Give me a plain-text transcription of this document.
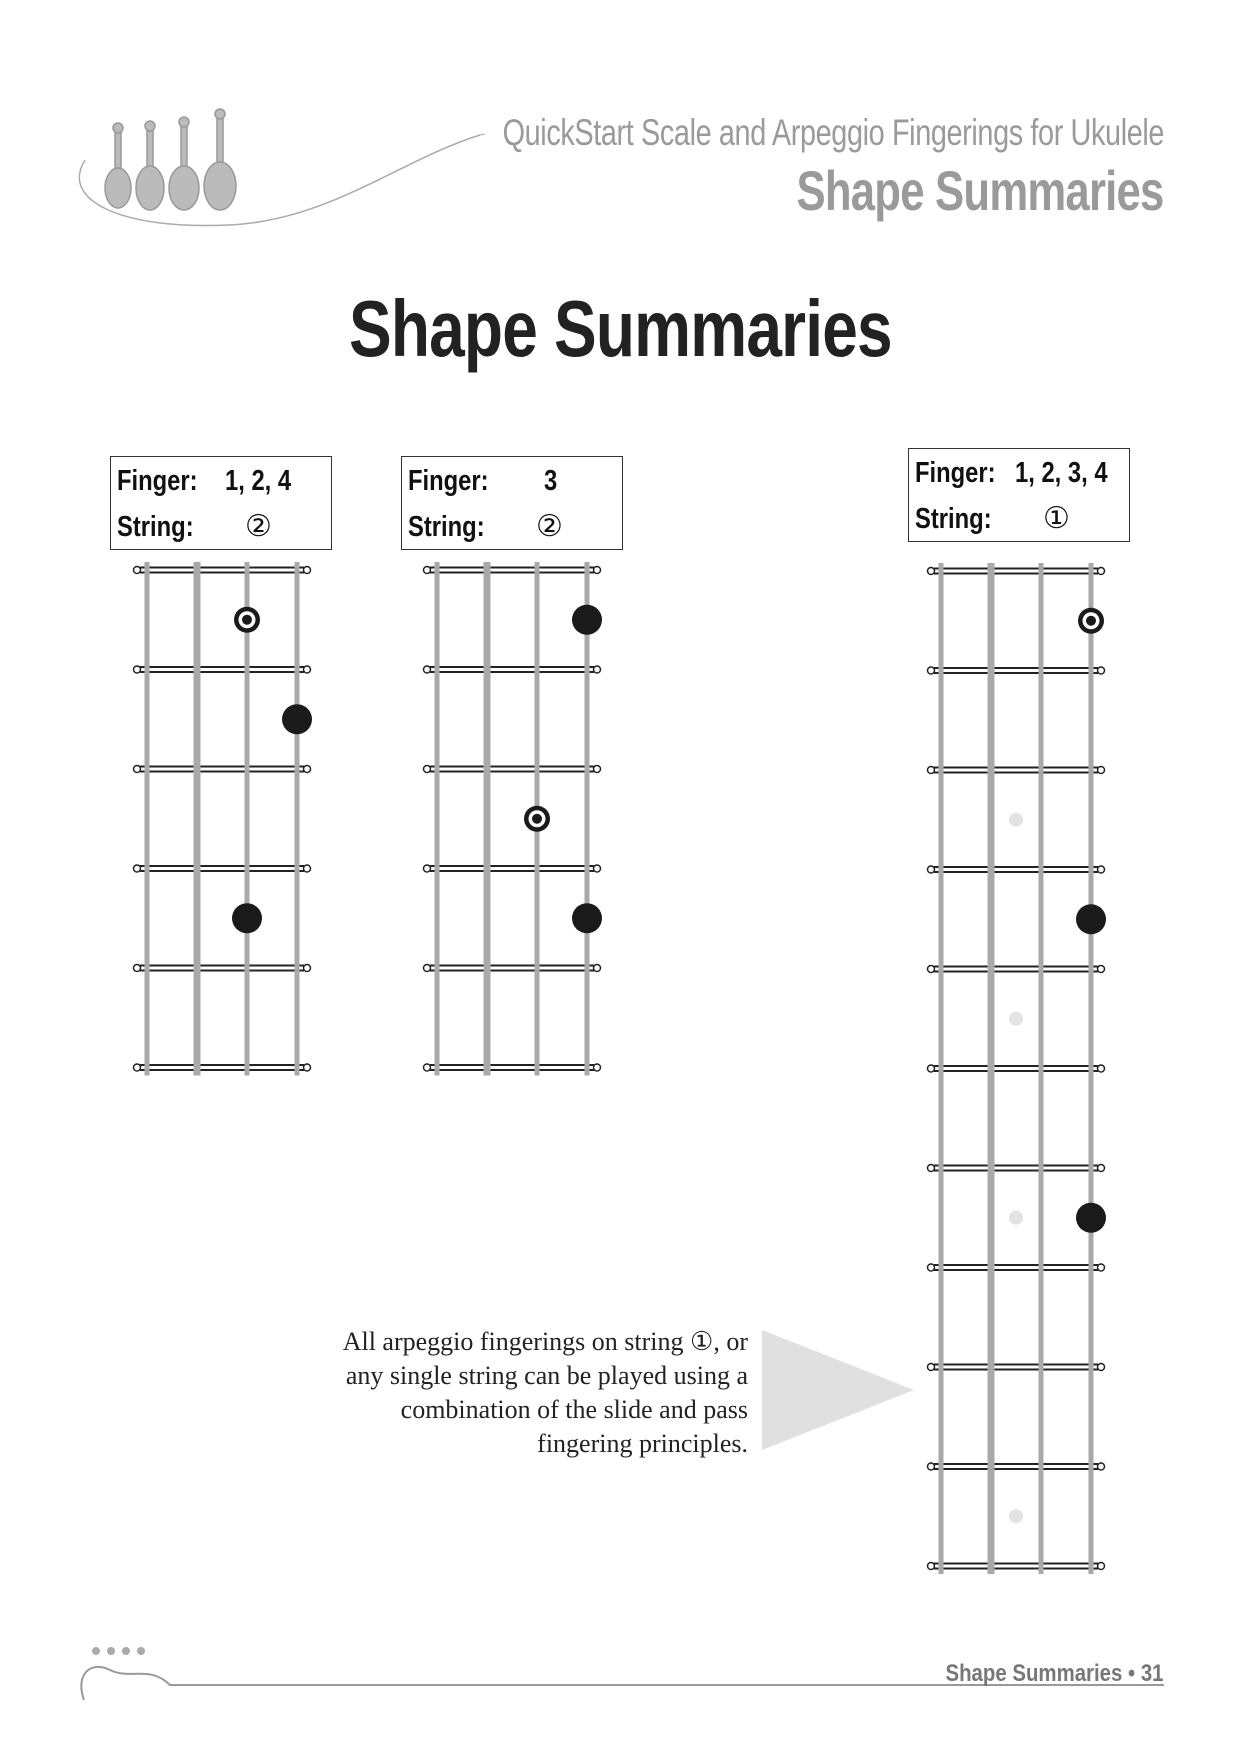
QuickStart Scale and Arpeggio Fingerings for Ukulele
Shape Summaries
Shape Summaries
Finger: 1, 2, 4
String: ②
Finger: 3
String: ②
Finger: 1, 2, 3, 4
String: ①
All arpeggio fingerings on string ①, or
any single string can be played using a
combination of the slide and pass
fingering principles.
Shape Summaries • 31
